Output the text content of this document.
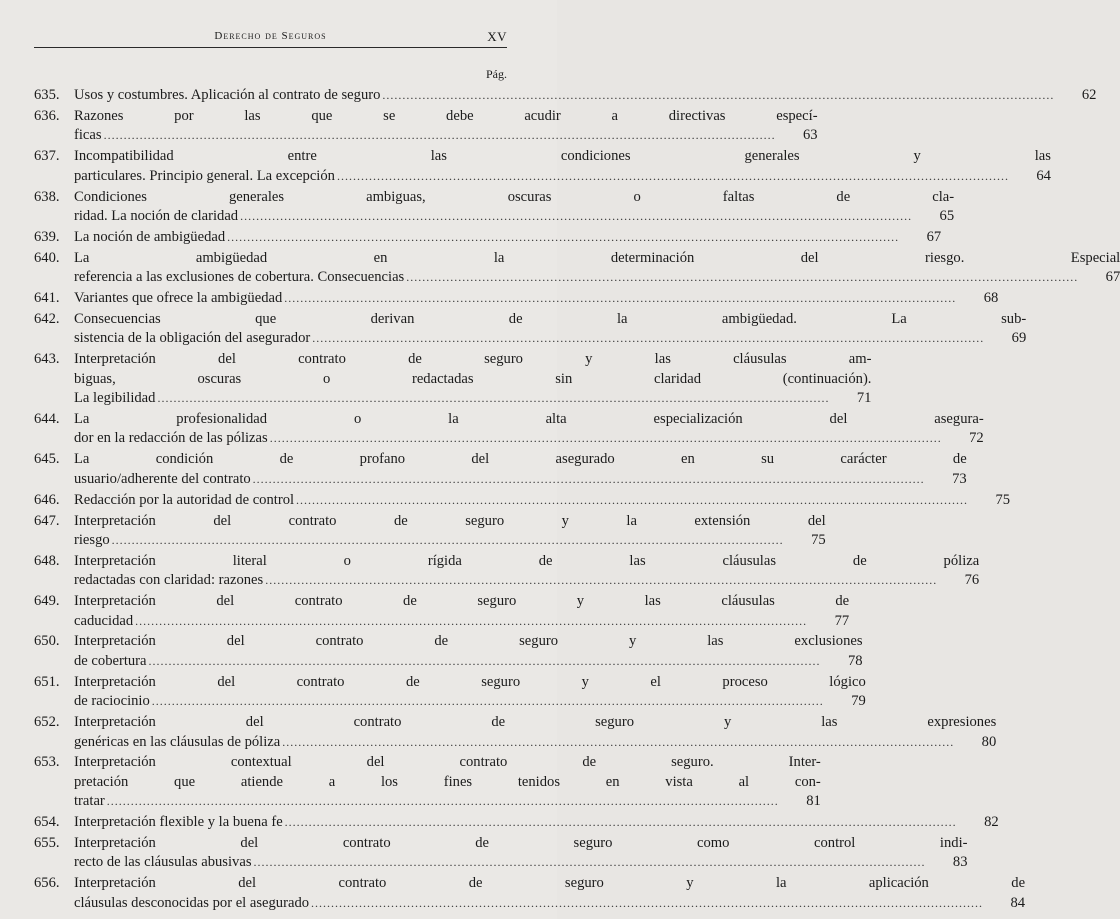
Derecho de Seguros	XV
Pág.
635. Usos y costumbres. Aplicación al contrato de seguro .....	62
636. Razones por las que se debe acudir a directivas especí-
ficas .....	63
637. Incompatibilidad entre las condiciones generales y las
particulares. Principio general. La excepción .....	64
638. Condiciones generales ambiguas, oscuras o faltas de cla-
ridad. La noción de claridad .....	65
639. La noción de ambigüedad .....	67
640. La ambigüedad en la determinación del riesgo. Especial
referencia a las exclusiones de cobertura. Consecuencias .....	67
641. Variantes que ofrece la ambigüedad .....	68
642. Consecuencias que derivan de la ambigüedad. La sub-
sistencia de la obligación del asegurador .....	69
643. Interpretación del contrato de seguro y las cláusulas am-
biguas, oscuras o redactadas sin claridad (continuación).
La legibilidad .....	71
644. La profesionalidad o la alta especialización del asegura-
dor en la redacción de las pólizas .....	72
645. La condición de profano del asegurado en su carácter de
usuario/adherente del contrato .....	73
646. Redacción por la autoridad de control .....	75
647. Interpretación del contrato de seguro y la extensión del
riesgo .....	75
648. Interpretación literal o rígida de las cláusulas de póliza
redactadas con claridad: razones .....	76
649. Interpretación del contrato de seguro y las cláusulas de
caducidad .....	77
650. Interpretación del contrato de seguro y las exclusiones
de cobertura .....	78
651. Interpretación del contrato de seguro y el proceso lógico
de raciocinio .....	79
652. Interpretación del contrato de seguro y las expresiones
genéricas en las cláusulas de póliza .....	80
653. Interpretación contextual del contrato de seguro. Inter-
pretación que atiende a los fines tenidos en vista al con-
tratar .....	81
654. Interpretación flexible y la buena fe .....	82
655. Interpretación del contrato de seguro como control indi-
recto de las cláusulas abusivas .....	83
656. Interpretación del contrato de seguro y la aplicación de
cláusulas desconocidas por el asegurado .....	84
